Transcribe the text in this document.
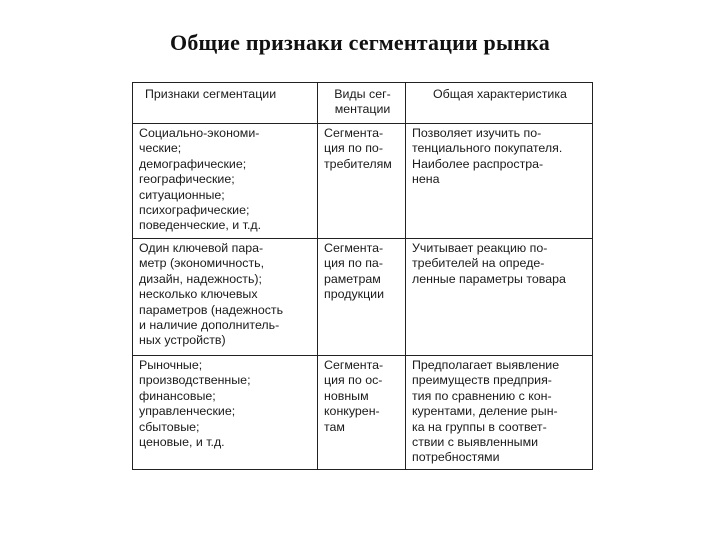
Общие признаки сегментации рынка
Признаки сегментации	Виды сег-
ментации
Общая характеристика
Социально-экономи-
ческие;
демографические;
географические;
ситуационные;
психографические;
поведенческие, и т.д.
Сегмента-
ция по по-
требителям
Позволяет изучить по-
тенциального покупателя.
Наиболее распростра-
нена
Один ключевой пара-
метр (экономичность,
дизайн, надежность);
несколько ключевых
параметров (надежность
и наличие дополнитель-
ных устройств)
Сегмента-
ция по па-
раметрам
продукции
Учитывает реакцию по-
требителей на опреде-
ленные параметры товара
Рыночные;
производственные;
финансовые;
управленческие;
сбытовые;
ценовые, и т.д.
Сегмента-
ция по ос-
новным
конкурен-
там
Предполагает выявление
преимуществ предприя-
тия по сравнению с кон-
курентами, деление рын-
ка на группы в соответ-
ствии с выявленными
потребностями
